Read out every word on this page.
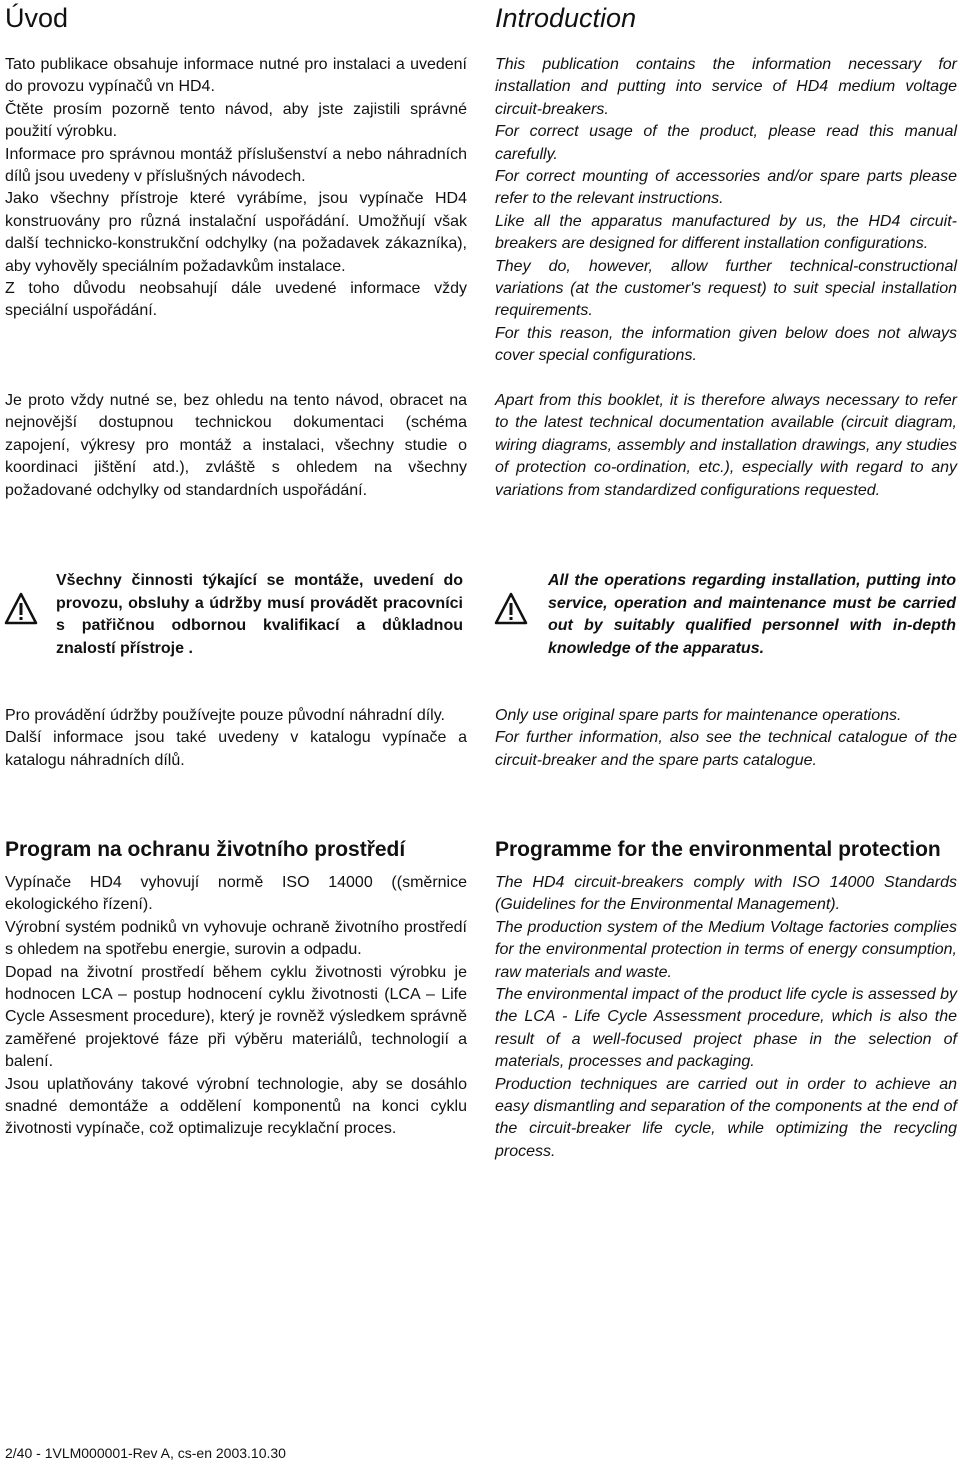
Úvod
Tato publikace obsahuje informace nutné pro instalaci a uvedení do provozu vypínačů vn HD4.
Čtěte prosím pozorně tento návod, aby jste zajistili správné použití výrobku.
Informace pro správnou montáž příslušenství a nebo náhradních dílů jsou uvedeny v příslušných návodech.
Jako všechny přístroje které vyrábíme, jsou vypínače HD4 konstruovány pro různá instalační uspořádání. Umožňují však další technicko-konstrukční odchylky (na požadavek zákazníka), aby vyhověly speciálním požadavkům instalace.
Z toho důvodu neobsahují dále uvedené informace vždy speciální uspořádání.

Je proto vždy nutné se, bez ohledu na tento návod, obracet na nejnovější dostupnou technickou dokumentaci (schéma zapojení, výkresy pro montáž a instalaci, všechny studie o koordinaci jištění atd.), zvláště s ohledem na všechny požadované odchylky od standardních uspořádání.

Všechny činnosti týkající se montáže, uvedení do provozu, obsluhy a údržby musí provádět pracovníci s patřičnou odbornou kvalifikací a důkladnou znalostí přístroje .

Pro provádění údržby používejte pouze původní náhradní díly.
Další informace jsou také uvedeny v katalogu vypínače a katalogu náhradních dílů.
Program na ochranu životního prostředí
Vypínače HD4 vyhovují normě ISO 14000 ((směrnice ekologického řízení).
Výrobní systém podniků vn vyhovuje ochraně životního prostředí s ohledem na spotřebu energie, surovin a odpadu.
Dopad na životní prostředí během cyklu životnosti výrobku je hodnocen LCA – postup hodnocení cyklu životnosti (LCA – Life Cycle Assesment procedure), který je rovněž výsledkem správně zaměřené projektové fáze při výběru materiálů, technologií a balení.
Jsou uplatňovány takové výrobní technologie, aby se dosáhlo snadné demontáže a oddělení komponentů na konci cyklu životnosti vypínače, což optimalizuje recyklační proces.
Introduction
This publication contains the information necessary for installation and putting into service of HD4 medium voltage circuit-breakers.
For correct usage of the product, please read this manual carefully.
For correct mounting of accessories and/or spare parts please refer to the relevant instructions.
Like all the apparatus manufactured by us, the HD4 circuit-breakers are designed for different installation configurations.
They do, however, allow further technical-constructional variations (at the customer's request) to suit special installation requirements.
For this reason, the information given below does not always cover special configurations.

Apart from this booklet, it is therefore always necessary to refer to the latest technical documentation available (circuit diagram, wiring diagrams, assembly and installation drawings, any studies of protection co-ordination, etc.), especially with regard to any variations from standardized configurations requested.

All the operations regarding installation, putting into service, operation and maintenance must be carried out by suitably qualified personnel with in-depth knowledge of the apparatus.

Only use original spare parts for maintenance operations.
For further information, also see the technical catalogue of the circuit-breaker and the spare parts catalogue.
Programme for the environmental protection
The HD4 circuit-breakers comply with ISO 14000 Standards (Guidelines for the Environmental Management).
The production system of the Medium Voltage factories complies for the environmental protection in terms of energy consumption, raw materials and waste.
The environmental impact of the product life cycle is assessed by the LCA - Life Cycle Assessment procedure, which is also the result of a well-focused project phase in the selection of materials, processes and packaging.
Production techniques are carried out in order to achieve an easy dismantling and separation of the components at the end of the circuit-breaker life cycle, while optimizing the recycling process.
2/40 - 1VLM000001-Rev A, cs-en 2003.10.30
